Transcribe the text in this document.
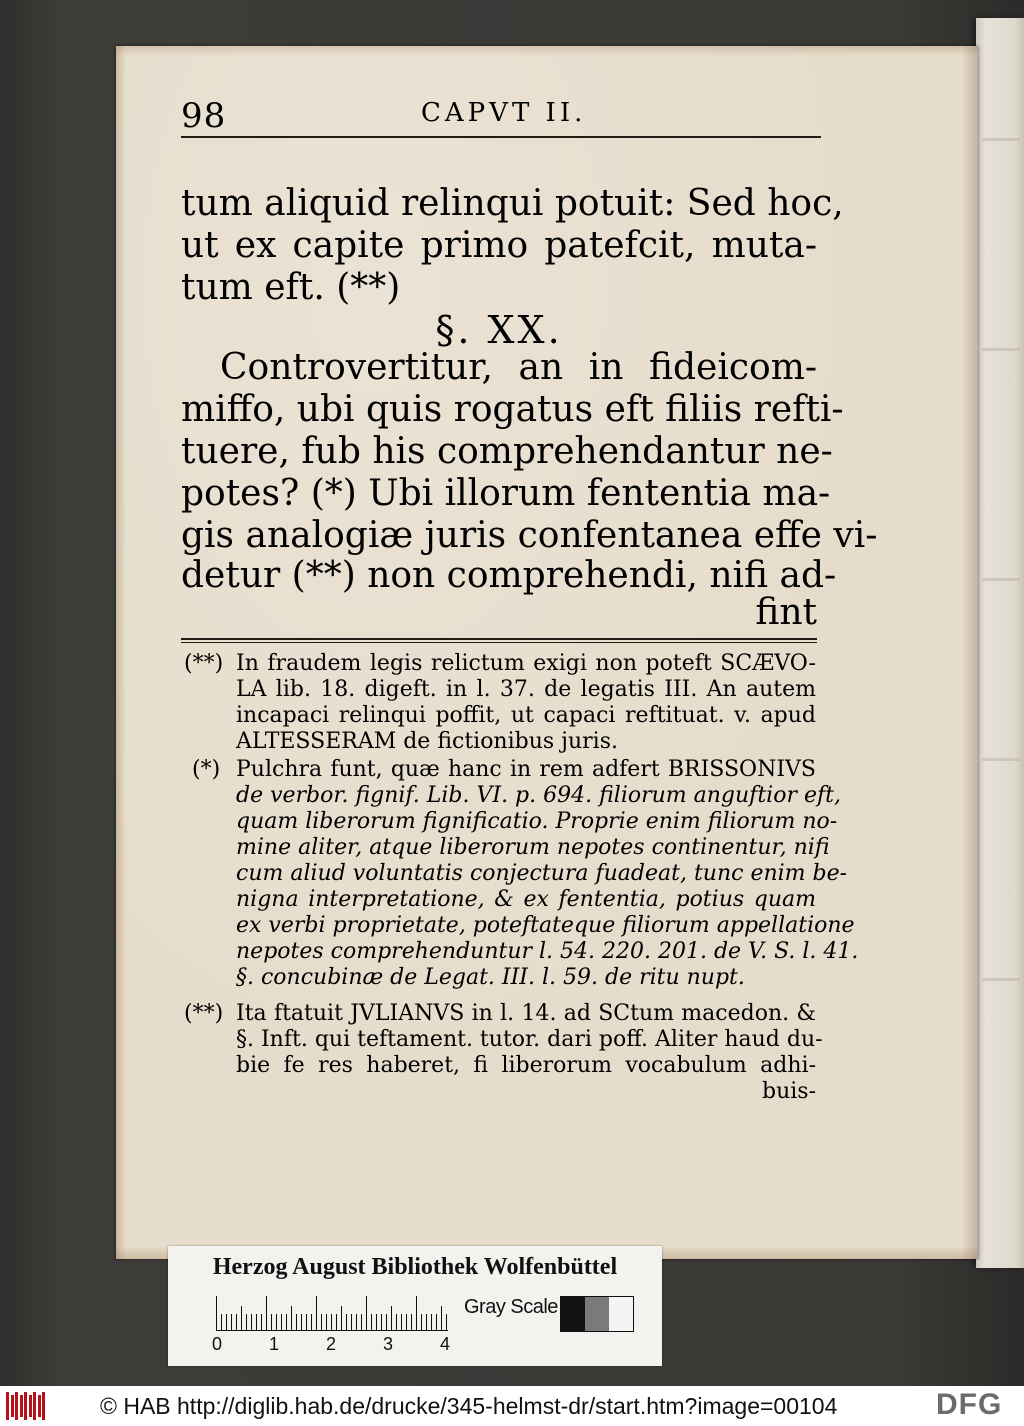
98	CAPVT II.
tum aliquid relinqui potuit: Sed hoc,
ut ex capite primo patefcit, muta-
tum eft. (**)
§. XX.
Controvertitur, an in fideicom-
miffo, ubi quis rogatus eft filiis refti-
tuere, fub his comprehendantur ne-
potes? (*) Ubi illorum fententia ma-
gis analogiæ juris confentanea effe vi-
detur (**) non comprehendi, nifi ad-
fint
(**) In fraudem legis relictum exigi non poteft SCÆVO-
LA lib. 18. digeft. in l. 37. de legatis III. An autem
incapaci relinqui poffit, ut capaci reftituat. v. apud
ALTESSERAM de fictionibus juris.
(*) Pulchra funt, quæ hanc in rem adfert BRISSONIVS
de verbor. fignif. Lib. VI. p. 694. filiorum anguftior eft,
quam liberorum fignificatio. Proprie enim filiorum no-
mine aliter, atque liberorum nepotes continentur, nifi
cum aliud voluntatis conjectura fuadeat, tunc enim be-
nigna interpretatione, & ex fententia, potius quam
ex verbi proprietate, poteftateque filiorum appellatione
nepotes comprehenduntur l. 54. 220. 201. de V. S. l. 41.
§. concubinæ de Legat. III. l. 59. de ritu nupt.
(**) Ita ftatuit JVLIANVS in l. 14. ad SCtum macedon. &
§. Inft. qui teftament. tutor. dari poff. Aliter haud du-
bie fe res haberet, fi liberorum vocabulum adhi-
buis-
Herzog August Bibliothek Wolfenbüttel
0	1	2	3	4
Gray Scale
© HAB http://diglib.hab.de/drucke/345-helmst-dr/start.htm?image=00104	DFG
